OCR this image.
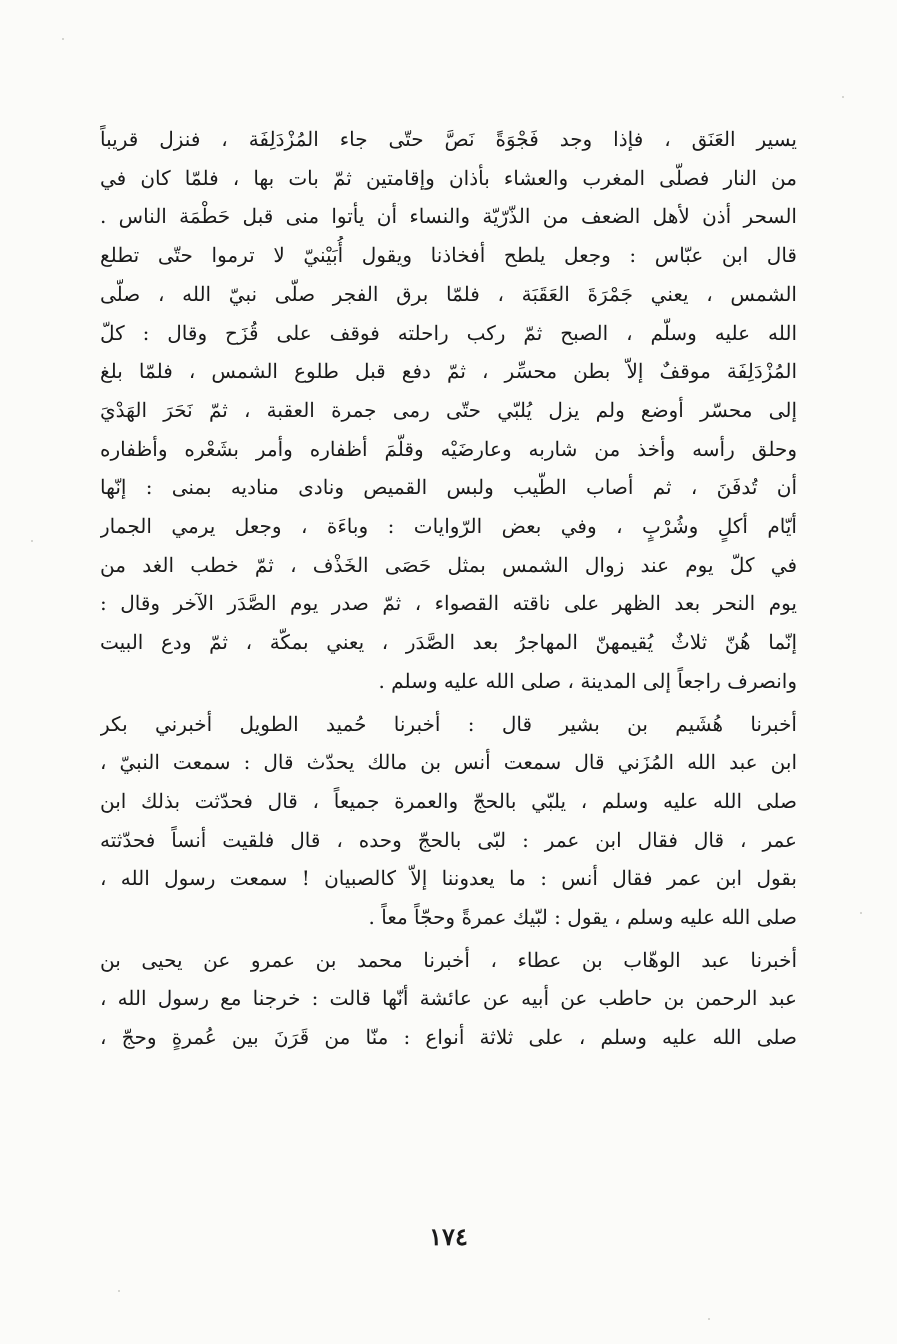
يسير العَنَق ، فإذا وجد فَجْوَةً نَصَّ حتّى جاء المُزْدَلِفَة ، فنزل قريباً
من النار فصلّى المغرب والعشاء بأذان وإقامتين ثمّ بات بها ، فلمّا كان في
السحر أذن لأهل الضعف من الذّرّيّة والنساء أن يأتوا منى قبل حَطْمَة الناس .
قال ابن عبّاس : وجعل يلطح أفخاذنا ويقول أُبَيْنيّ لا ترموا حتّى تطلع
الشمس ، يعني جَمْرَةَ العَقَبَة ، فلمّا برق الفجر صلّى نبيّ الله ، صلّى
الله عليه وسلّم ، الصبح ثمّ ركب راحلته فوقف على قُزَح وقال : كلّ
المُزْدَلِفَة موقفٌ إلاّ بطن محسِّر ، ثمّ دفع قبل طلوع الشمس ، فلمّا بلغ
إلى محسّر أوضع ولم يزل يُلبّي حتّى رمى جمرة العقبة ، ثمّ نَحَرَ الهَدْيَ
وحلق رأسه وأخذ من شاربه وعارضَيْه وقلّمَ أظفاره وأمر بشَعْره وأظفاره
أن تُدفَنَ ، ثم أصاب الطّيب ولبس القميص ونادى مناديه بمنى : إنّها
أيّام أكلٍ وشُرْبٍ ، وفي بعض الرّوايات : وباءَة ، وجعل يرمي الجمار
في كلّ يوم عند زوال الشمس بمثل حَصَى الخَذْف ، ثمّ خطب الغد من
يوم النحر بعد الظهر على ناقته القصواء ، ثمّ صدر يوم الصَّدَر الآخر وقال :
إنّما هُنّ ثلاثٌ يُقيمهنّ المهاجرُ بعد الصَّدَر ، يعني بمكّة ، ثمّ ودع البيت
وانصرف راجعاً إلى المدينة ، صلى الله عليه وسلم .

أخبرنا هُشَيم بن بشير قال : أخبرنا حُميد الطويل أخبرني بكر
ابن عبد الله المُزَني قال سمعت أنس بن مالك يحدّث قال : سمعت النبيّ ،
صلى الله عليه وسلم ، يلبّي بالحجّ والعمرة جميعاً ، قال فحدّثت بذلك ابن
عمر ، قال فقال ابن عمر : لبّى بالحجّ وحده ، قال فلقيت أنساً فحدّثته
بقول ابن عمر فقال أنس : ما يعدوننا إلاّ كالصبيان ! سمعت رسول الله ،
صلى الله عليه وسلم ، يقول : لبّيك عمرةً وحجّاً معاً .

أخبرنا عبد الوهّاب بن عطاء ، أخبرنا محمد بن عمرو عن يحيى بن
عبد الرحمن بن حاطب عن أبيه عن عائشة أنّها قالت : خرجنا مع رسول الله ،
صلى الله عليه وسلم ، على ثلاثة أنواع : منّا من قَرَنَ بين عُمرةٍ وحجّ ،

١٧٤
